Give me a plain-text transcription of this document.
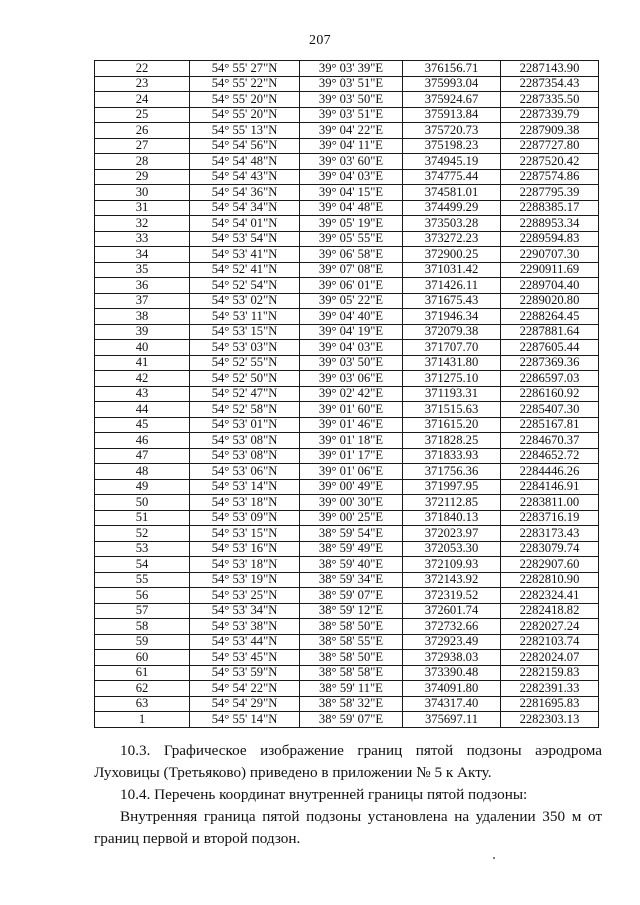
207
22	54° 55' 27"N	39° 03' 39"E	376156.71	2287143.90
23	54° 55' 22"N	39° 03' 51"E	375993.04	2287354.43
24	54° 55' 20"N	39° 03' 50"E	375924.67	2287335.50
25	54° 55' 20"N	39° 03' 51"E	375913.84	2287339.79
26	54° 55' 13"N	39° 04' 22"E	375720.73	2287909.38
27	54° 54' 56"N	39° 04' 11"E	375198.23	2287727.80
28	54° 54' 48"N	39° 03' 60"E	374945.19	2287520.42
29	54° 54' 43"N	39° 04' 03"E	374775.44	2287574.86
30	54° 54' 36"N	39° 04' 15"E	374581.01	2287795.39
31	54° 54' 34"N	39° 04' 48"E	374499.29	2288385.17
32	54° 54' 01"N	39° 05' 19"E	373503.28	2288953.34
33	54° 53' 54"N	39° 05' 55"E	373272.23	2289594.83
34	54° 53' 41"N	39° 06' 58"E	372900.25	2290707.30
35	54° 52' 41"N	39° 07' 08"E	371031.42	2290911.69
36	54° 52' 54"N	39° 06' 01"E	371426.11	2289704.40
37	54° 53' 02"N	39° 05' 22"E	371675.43	2289020.80
38	54° 53' 11"N	39° 04' 40"E	371946.34	2288264.45
39	54° 53' 15"N	39° 04' 19"E	372079.38	2287881.64
40	54° 53' 03"N	39° 04' 03"E	371707.70	2287605.44
41	54° 52' 55"N	39° 03' 50"E	371431.80	2287369.36
42	54° 52' 50"N	39° 03' 06"E	371275.10	2286597.03
43	54° 52' 47"N	39° 02' 42"E	371193.31	2286160.92
44	54° 52' 58"N	39° 01' 60"E	371515.63	2285407.30
45	54° 53' 01"N	39° 01' 46"E	371615.20	2285167.81
46	54° 53' 08"N	39° 01' 18"E	371828.25	2284670.37
47	54° 53' 08"N	39° 01' 17"E	371833.93	2284652.72
48	54° 53' 06"N	39° 01' 06"E	371756.36	2284446.26
49	54° 53' 14"N	39° 00' 49"E	371997.95	2284146.91
50	54° 53' 18"N	39° 00' 30"E	372112.85	2283811.00
51	54° 53' 09"N	39° 00' 25"E	371840.13	2283716.19
52	54° 53' 15"N	38° 59' 54"E	372023.97	2283173.43
53	54° 53' 16"N	38° 59' 49"E	372053.30	2283079.74
54	54° 53' 18"N	38° 59' 40"E	372109.93	2282907.60
55	54° 53' 19"N	38° 59' 34"E	372143.92	2282810.90
56	54° 53' 25"N	38° 59' 07"E	372319.52	2282324.41
57	54° 53' 34"N	38° 59' 12"E	372601.74	2282418.82
58	54° 53' 38"N	38° 58' 50"E	372732.66	2282027.24
59	54° 53' 44"N	38° 58' 55"E	372923.49	2282103.74
60	54° 53' 45"N	38° 58' 50"E	372938.03	2282024.07
61	54° 53' 59"N	38° 58' 58"E	373390.48	2282159.83
62	54° 54' 22"N	38° 59' 11"E	374091.80	2282391.33
63	54° 54' 29"N	38° 58' 32"E	374317.40	2281695.83
1	54° 55' 14"N	38° 59' 07"E	375697.11	2282303.13

10.3. Графическое изображение границ пятой подзоны аэродрома Луховицы (Третьяково) приведено в приложении № 5 к Акту.

10.4. Перечень координат внутренней границы пятой подзоны:

Внутренняя граница пятой подзоны установлена на удалении 350 м от границ первой и второй подзон.
